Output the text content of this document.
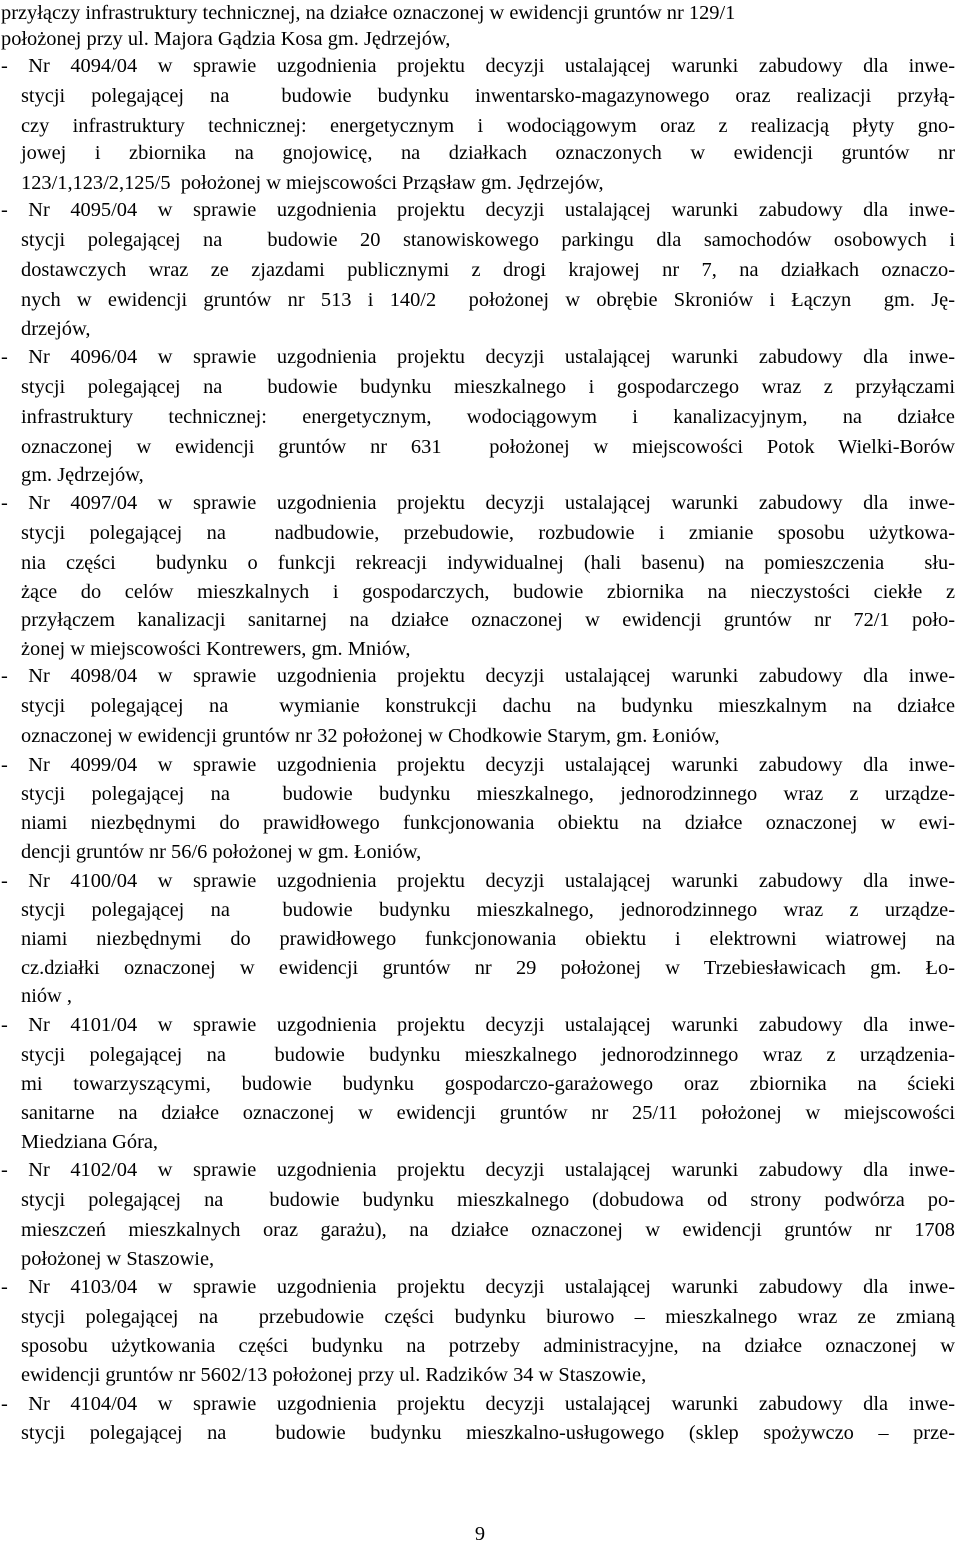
przyłączy infrastruktury technicznej, na działce oznaczonej w ewidencji gruntów nr 129/1
położonej przy ul. Majora Gądzia Kosa gm. Jędrzejów,
- Nr 4094/04 w sprawie uzgodnienia projektu decyzji ustalającej warunki zabudowy dla inwe-
stycji polegającej na  budowie budynku inwentarsko-magazynowego oraz realizacji przyłą-
czy infrastruktury technicznej: energetycznym i wodociągowym oraz z realizacją płyty gno-
jowej i zbiornika na gnojowicę, na działkach oznaczonych w ewidencji gruntów nr
123/1,123/2,125/5  położonej w miejscowości Prząsław gm. Jędrzejów,
- Nr 4095/04 w sprawie uzgodnienia projektu decyzji ustalającej warunki zabudowy dla inwe-
stycji polegającej na  budowie 20 stanowiskowego parkingu dla samochodów osobowych i
dostawczych wraz ze zjazdami publicznymi z drogi krajowej nr 7, na działkach oznaczo-
nych w ewidencji gruntów nr 513 i 140/2  położonej w obrębie Skroniów i Łączyn  gm. Ję-
drzejów,
- Nr 4096/04 w sprawie uzgodnienia projektu decyzji ustalającej warunki zabudowy dla inwe-
stycji polegającej na  budowie budynku mieszkalnego i gospodarczego wraz z przyłączami
infrastruktury technicznej: energetycznym, wodociągowym i kanalizacyjnym, na działce
oznaczonej w ewidencji gruntów nr 631  położonej w miejscowości Potok Wielki-Borów
gm. Jędrzejów,
- Nr 4097/04 w sprawie uzgodnienia projektu decyzji ustalającej warunki zabudowy dla inwe-
stycji polegającej na  nadbudowie, przebudowie, rozbudowie i zmianie sposobu użytkowa-
nia części  budynku o funkcji rekreacji indywidualnej (hali basenu) na pomieszczenia  słu-
żące do celów mieszkalnych i gospodarczych, budowie zbiornika na nieczystości ciekłe z
przyłączem kanalizacji sanitarnej na działce oznaczonej w ewidencji gruntów nr 72/1 poło-
żonej w miejscowości Kontrewers, gm. Mniów,
- Nr 4098/04 w sprawie uzgodnienia projektu decyzji ustalającej warunki zabudowy dla inwe-
stycji polegającej na  wymianie konstrukcji dachu na budynku mieszkalnym na działce
oznaczonej w ewidencji gruntów nr 32 położonej w Chodkowie Starym, gm. Łoniów,
- Nr 4099/04 w sprawie uzgodnienia projektu decyzji ustalającej warunki zabudowy dla inwe-
stycji polegającej na  budowie budynku mieszkalnego, jednorodzinnego wraz z urządze-
niami niezbędnymi do prawidłowego funkcjonowania obiektu na działce oznaczonej w ewi-
dencji gruntów nr 56/6 położonej w gm. Łoniów,
- Nr 4100/04 w sprawie uzgodnienia projektu decyzji ustalającej warunki zabudowy dla inwe-
stycji polegającej na  budowie budynku mieszkalnego, jednorodzinnego wraz z urządze-
niami niezbędnymi do prawidłowego funkcjonowania obiektu i elektrowni wiatrowej na
cz.działki oznaczonej w ewidencji gruntów nr 29 położonej w Trzebiesławicach gm. Ło-
niów ,
- Nr 4101/04 w sprawie uzgodnienia projektu decyzji ustalającej warunki zabudowy dla inwe-
stycji polegającej na  budowie budynku mieszkalnego jednorodzinnego wraz z urządzenia-
mi towarzyszącymi, budowie budynku gospodarczo-garażowego oraz zbiornika na ścieki
sanitarne na działce oznaczonej w ewidencji gruntów nr 25/11 położonej w miejscowości
Miedziana Góra,
- Nr 4102/04 w sprawie uzgodnienia projektu decyzji ustalającej warunki zabudowy dla inwe-
stycji polegającej na  budowie budynku mieszkalnego (dobudowa od strony podwórza po-
mieszczeń mieszkalnych oraz garażu), na działce oznaczonej w ewidencji gruntów nr 1708
położonej w Staszowie,
- Nr 4103/04 w sprawie uzgodnienia projektu decyzji ustalającej warunki zabudowy dla inwe-
stycji polegającej na  przebudowie części budynku biurowo – mieszkalnego wraz ze zmianą
sposobu użytkowania części budynku na potrzeby administracyjne, na działce oznaczonej w
ewidencji gruntów nr 5602/13 położonej przy ul. Radzików 34 w Staszowie,
- Nr 4104/04 w sprawie uzgodnienia projektu decyzji ustalającej warunki zabudowy dla inwe-
stycji polegającej na  budowie budynku mieszkalno-usługowego (sklep spożywczo – prze-
9
